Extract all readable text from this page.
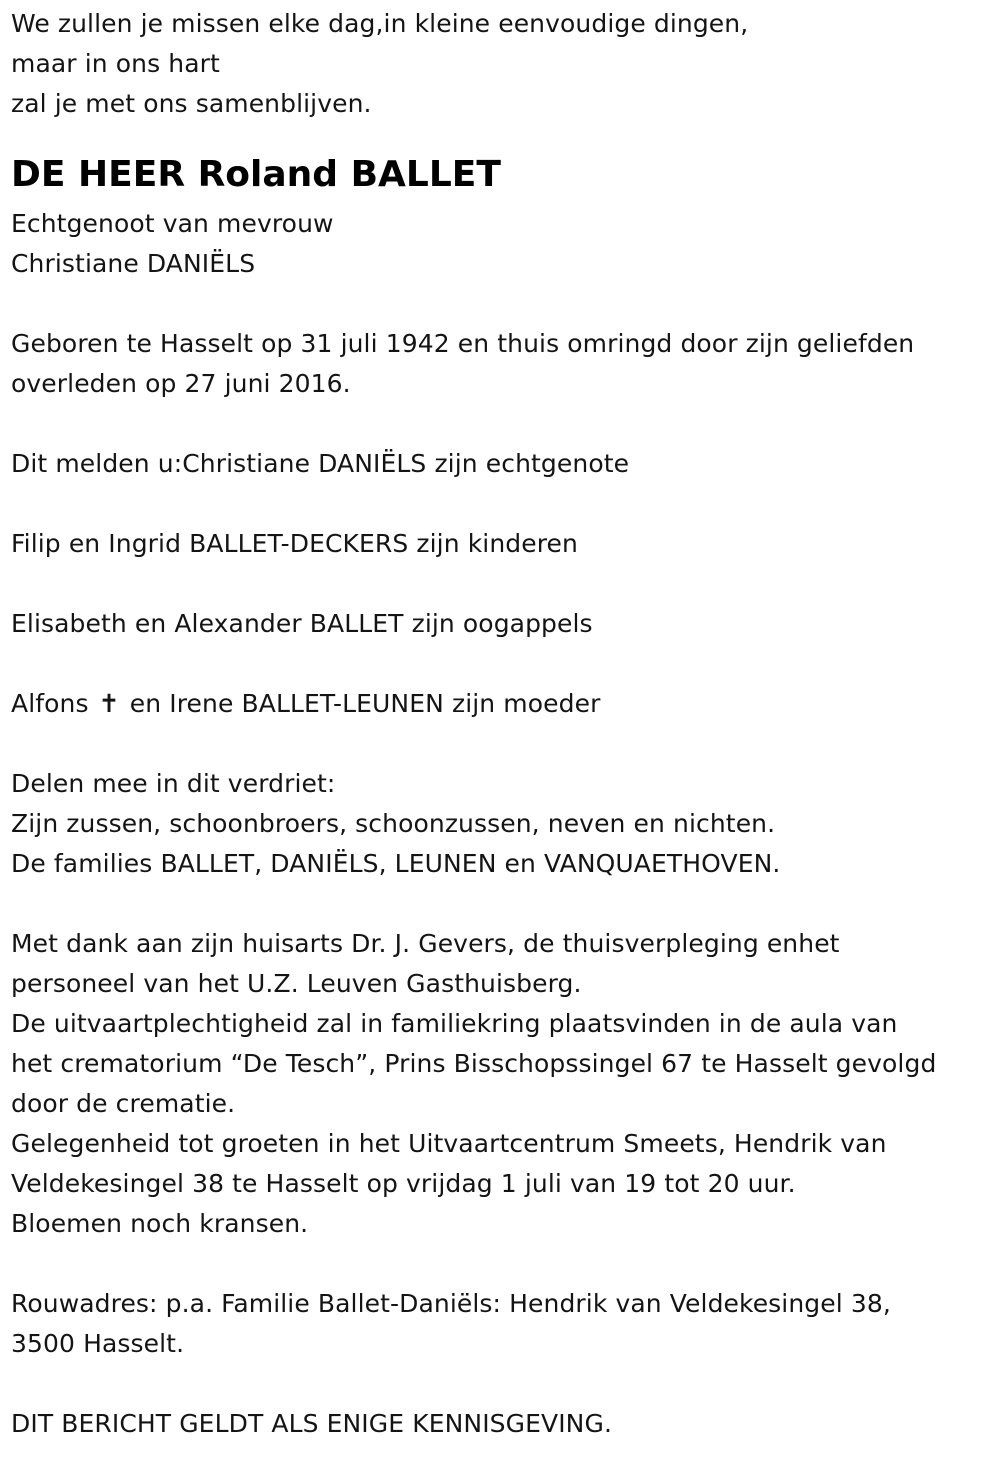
We zullen je missen elke dag,in kleine eenvoudige dingen,
maar in ons hart
zal je met ons samenblijven.
DE HEER Roland BALLET
Echtgenoot van mevrouw
Christiane DANIËLS
Geboren te Hasselt op 31 juli 1942 en thuis omringd door zijn geliefden
overleden op 27 juni 2016.
Dit melden u:Christiane DANIËLS zijn echtgenote
Filip en Ingrid BALLET-DECKERS zijn kinderen
Elisabeth en Alexander BALLET zijn oogappels
Alfons ✝ en Irene BALLET-LEUNEN zijn moeder
Delen mee in dit verdriet:
Zijn zussen, schoonbroers, schoonzussen, neven en nichten.
De families BALLET, DANIËLS, LEUNEN en VANQUAETHOVEN.
Met dank aan zijn huisarts Dr. J. Gevers, de thuisverpleging enhet
personeel van het U.Z. Leuven Gasthuisberg.
De uitvaartplechtigheid zal in familiekring plaatsvinden in de aula van
het crematorium “De Tesch”, Prins Bisschopssingel 67 te Hasselt gevolgd
door de crematie.
Gelegenheid tot groeten in het Uitvaartcentrum Smeets, Hendrik van
Veldekesingel 38 te Hasselt op vrijdag 1 juli van 19 tot 20 uur.
Bloemen noch kransen.
Rouwadres: p.a. Familie Ballet-Daniëls: Hendrik van Veldekesingel 38,
3500 Hasselt.
DIT BERICHT GELDT ALS ENIGE KENNISGEVING.
